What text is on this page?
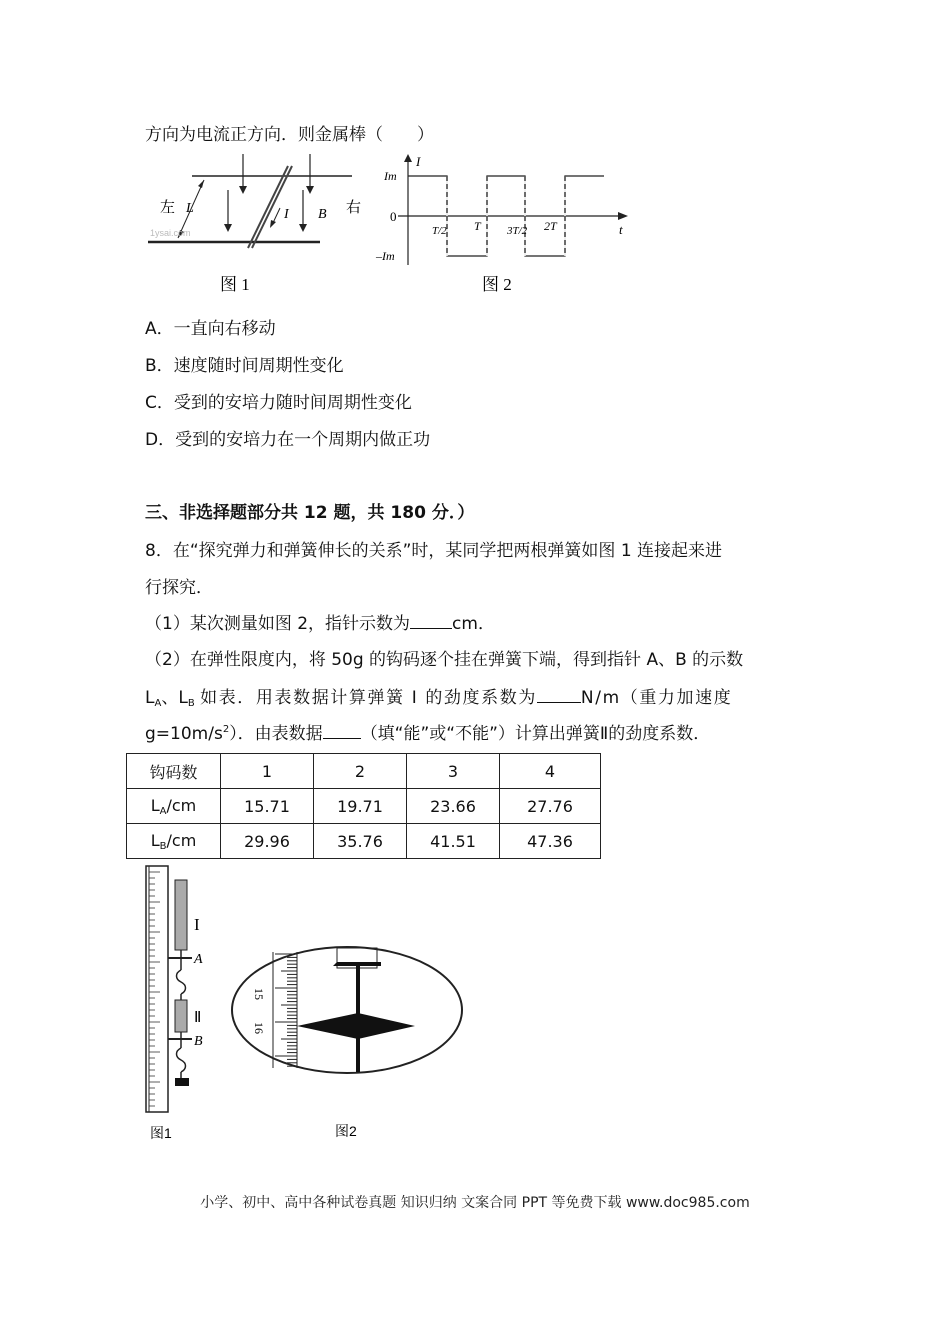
方向为电流正方向．则金属棒（　　）
左 L	I B 右
1ysai.com
图 1
I
Im
0
–Im
t
T/2 T 3T/2 2T
图 2
A．一直向右移动
B．速度随时间周期性变化
C．受到的安培力随时间周期性变化
D．受到的安培力在一个周期内做正功
三、非选择题部分共 12 题，共 180 分．）
8．在“探究弹力和弹簧伸长的关系”时，某同学把两根弹簧如图 1 连接起来进
行探究．
（1）某次测量如图 2，指针示数为 cm．
（2）在弹性限度内，将 50g 的钩码逐个挂在弹簧下端，得到指针 A、B 的示数
$L_A$、$L_B$ 如表．用表数据计算弹簧 I 的劲度系数为	N/m（重力加速度
$g=10m/s^2$）．由表数据 （填“能”或“不能”）计算出弹簧Ⅱ的劲度系数．
钩码数	1	2	3	4
$L_A/cm$	15.71	19.71	23.66	27.76
$L_B/cm$	29.96	35.76	41.51	47.36
I
A
Ⅱ
B
图1
15
16
图2
小学、初中、高中各种试卷真题 知识归纳 文案合同 PPT 等免费下载 www.doc985.com
